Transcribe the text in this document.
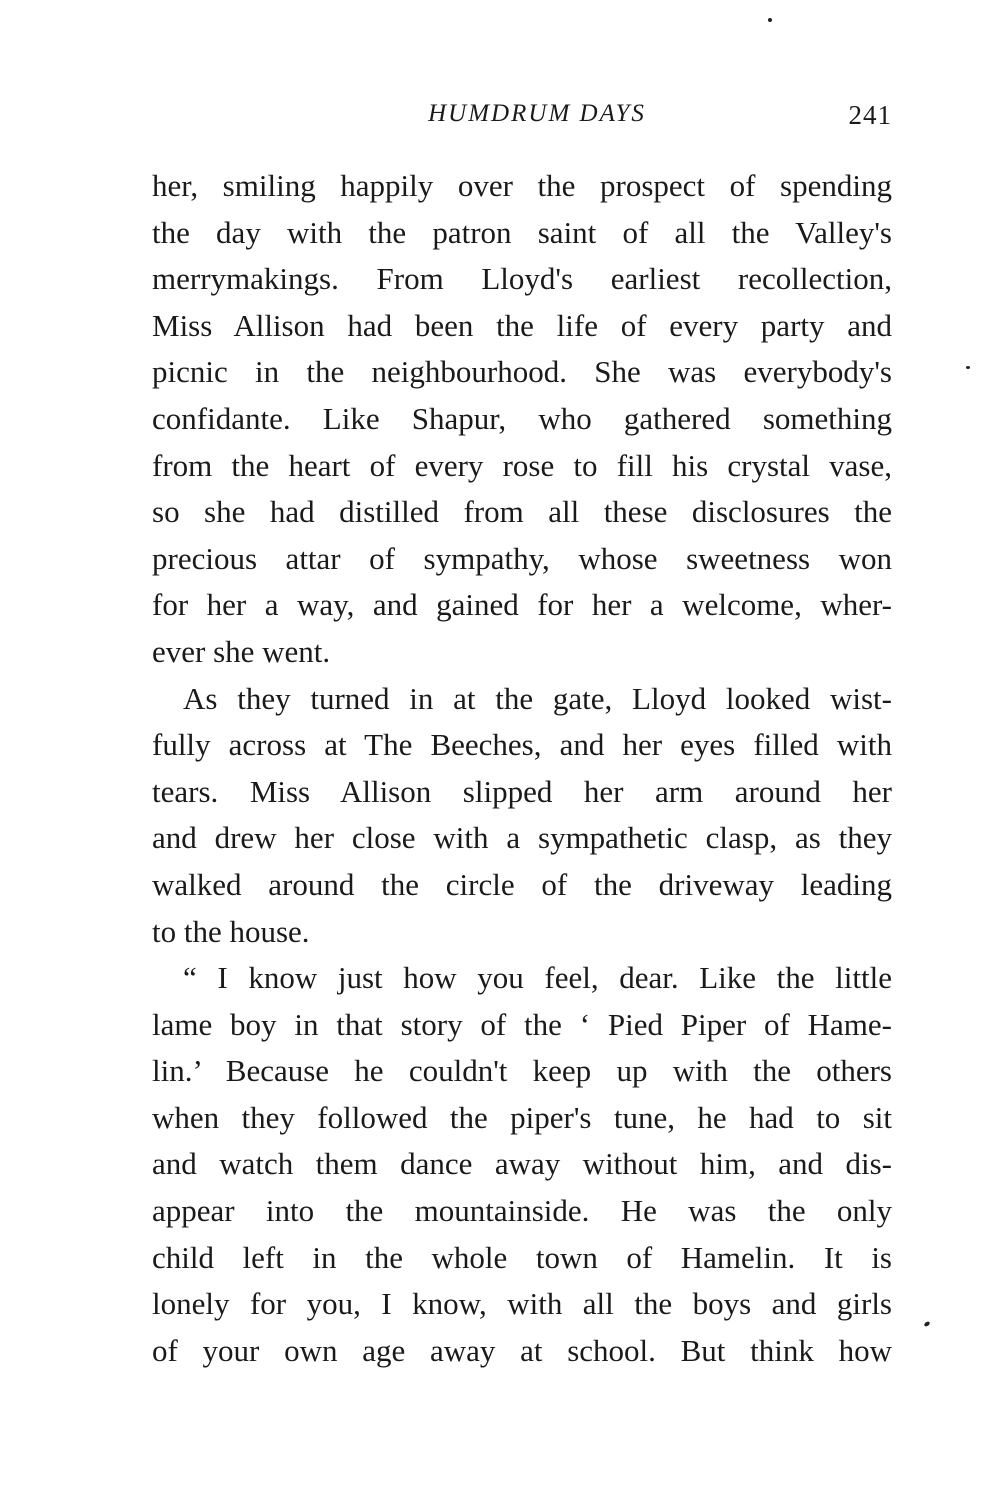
HUMDRUM DAYS	241
her, smiling happily over the prospect of spending
the day with the patron saint of all the Valley's
merrymakings. From Lloyd's earliest recollection,
Miss Allison had been the life of every party and
picnic in the neighbourhood. She was everybody's
confidante. Like Shapur, who gathered something
from the heart of every rose to fill his crystal vase,
so she had distilled from all these disclosures the
precious attar of sympathy, whose sweetness won
for her a way, and gained for her a welcome, wher-
ever she went.
As they turned in at the gate, Lloyd looked wist-
fully across at The Beeches, and her eyes filled with
tears. Miss Allison slipped her arm around her
and drew her close with a sympathetic clasp, as they
walked around the circle of the driveway leading
to the house.
“ I know just how you feel, dear. Like the little
lame boy in that story of the ‘ Pied Piper of Hame-
lin.’ Because he couldn't keep up with the others
when they followed the piper's tune, he had to sit
and watch them dance away without him, and dis-
appear into the mountainside. He was the only
child left in the whole town of Hamelin. It is
lonely for you, I know, with all the boys and girls
of your own age away at school. But think how
